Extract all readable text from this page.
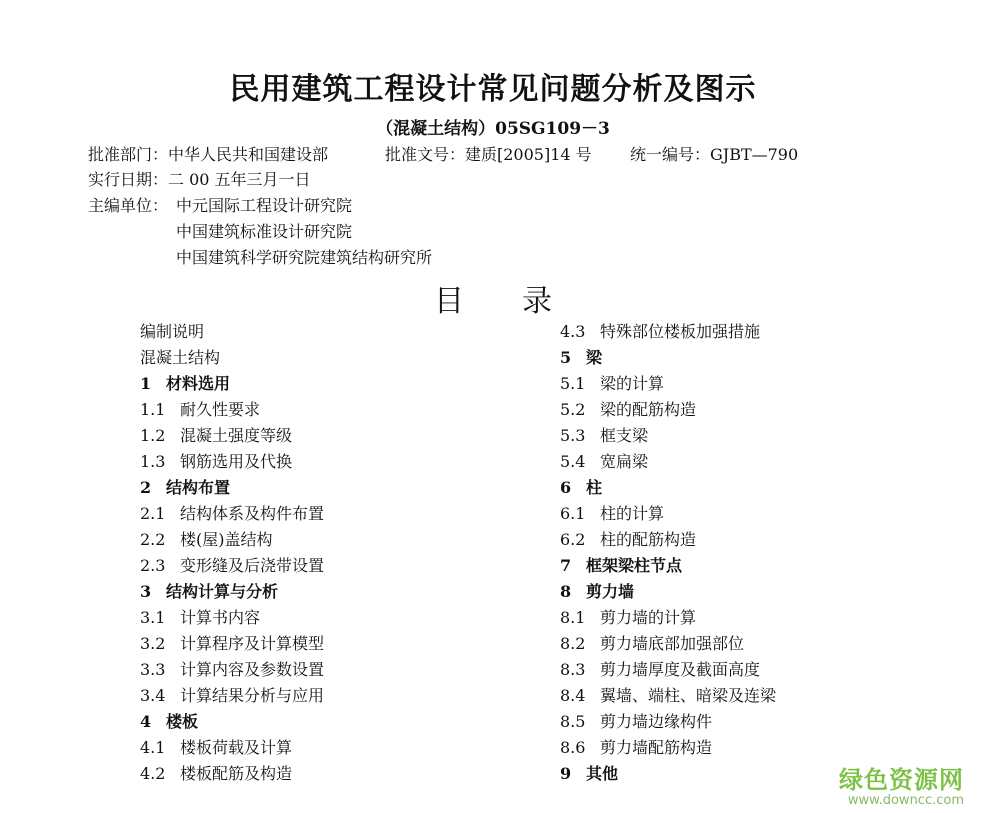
民用建筑工程设计常见问题分析及图示
（混凝土结构）05SG109－3
批准部门：中华人民共和国建设部	批准文号：建质[2005]14 号 统一编号：GJBT—790
实行日期：二 00 五年三月一日
主编单位： 中元国际工程设计研究院
中国建筑标准设计研究院
中国建筑科学研究院建筑结构研究所
目 录
编制说明
混凝土结构
1 材料选用
1.1 耐久性要求
1.2 混凝土强度等级
1.3 钢筋选用及代换
2 结构布置
2.1 结构体系及构件布置
2.2 楼(屋)盖结构
2.3 变形缝及后浇带设置
3 结构计算与分析
3.1 计算书内容
3.2 计算程序及计算模型
3.3 计算内容及参数设置
3.4 计算结果分析与应用
4 楼板
4.1 楼板荷载及计算
4.2 楼板配筋及构造
4.3 特殊部位楼板加强措施
5 梁
5.1 梁的计算
5.2 梁的配筋构造
5.3 框支梁
5.4 宽扁梁
6 柱
6.1 柱的计算
6.2 柱的配筋构造
7 框架梁柱节点
8 剪力墙
8.1 剪力墙的计算
8.2 剪力墙底部加强部位
8.3 剪力墙厚度及截面高度
8.4 翼墙、端柱、暗梁及连梁
8.5 剪力墙边缘构件
8.6 剪力墙配筋构造
9 其他	绿色资源网
www.downcc.com
